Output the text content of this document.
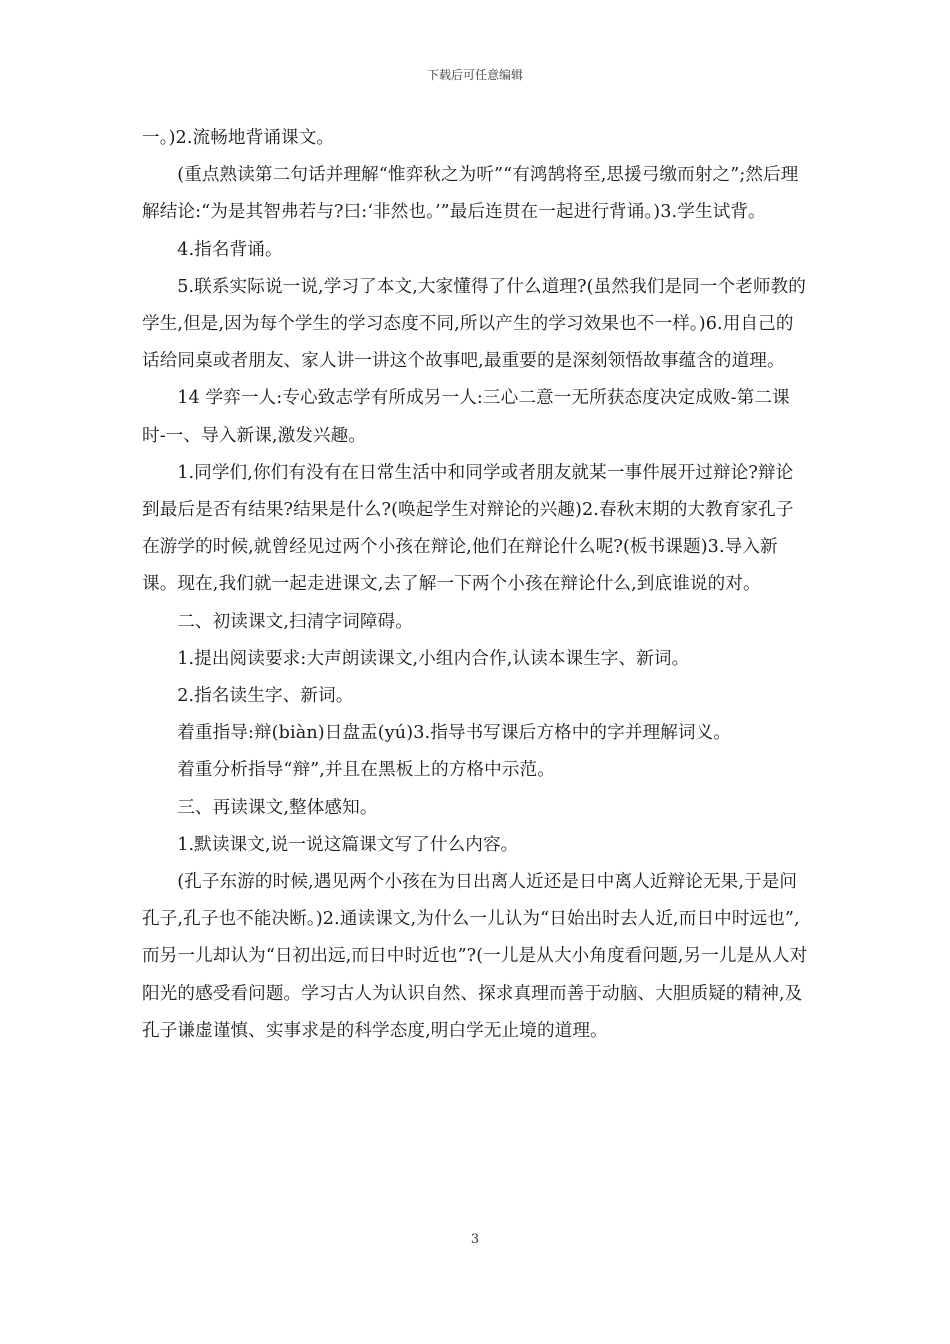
下载后可任意编辑

一。)2.流畅地背诵课文。

(重点熟读第二句话并理解“惟弈秋之为听”“有鸿鹄将至,思援弓缴而射之”;然后理解结论:“为是其智弗若与?曰:‘非然也。’”最后连贯在一起进行背诵。)3.学生试背。

4.指名背诵。

5.联系实际说一说,学习了本文,大家懂得了什么道理?(虽然我们是同一个老师教的学生,但是,因为每个学生的学习态度不同,所以产生的学习效果也不一样。)6.用自己的话给同桌或者朋友、家人讲一讲这个故事吧,最重要的是深刻领悟故事蕴含的道理。

14 学弈一人:专心致志学有所成另一人:三心二意一无所获态度决定成败-第二课时-一、导入新课,激发兴趣。

1.同学们,你们有没有在日常生活中和同学或者朋友就某一事件展开过辩论?辩论到最后是否有结果?结果是什么?(唤起学生对辩论的兴趣)2.春秋末期的大教育家孔子在游学的时候,就曾经见过两个小孩在辩论,他们在辩论什么呢?(板书课题)3.导入新课。现在,我们就一起走进课文,去了解一下两个小孩在辩论什么,到底谁说的对。

二、初读课文,扫清字词障碍。

1.提出阅读要求:大声朗读课文,小组内合作,认读本课生字、新词。

2.指名读生字、新词。

着重指导:辩(biàn)日盘盂(yú)3.指导书写课后方格中的字并理解词义。

着重分析指导“辩”,并且在黑板上的方格中示范。

三、再读课文,整体感知。

1.默读课文,说一说这篇课文写了什么内容。

(孔子东游的时候,遇见两个小孩在为日出离人近还是日中离人近辩论无果,于是问孔子,孔子也不能决断。)2.通读课文,为什么一儿认为“日始出时去人近,而日中时远也”,而另一儿却认为“日初出远,而日中时近也”?(一儿是从大小角度看问题,另一儿是从人对阳光的感受看问题。学习古人为认识自然、探求真理而善于动脑、大胆质疑的精神,及孔子谦虚谨慎、实事求是的科学态度,明白学无止境的道理。

3
